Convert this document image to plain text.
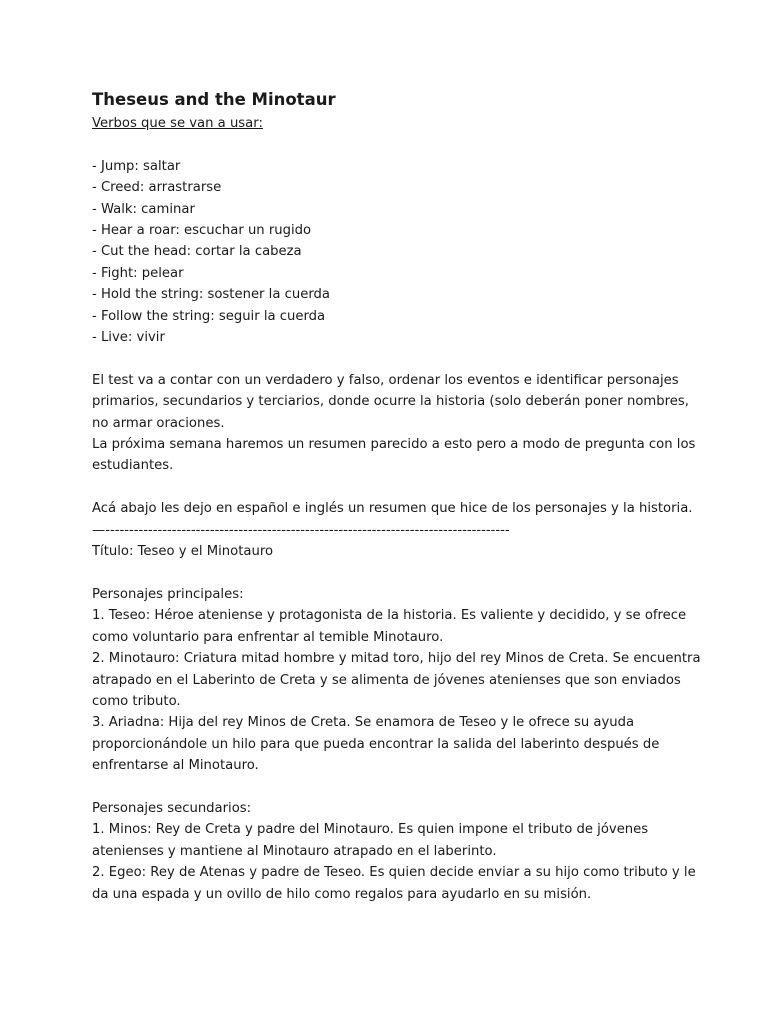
Theseus and the Minotaur
Verbos que se van a usar:
- Jump: saltar
- Creed: arrastrarse
- Walk: caminar
- Hear a roar: escuchar un rugido
- Cut the head: cortar la cabeza
- Fight: pelear
- Hold the string: sostener la cuerda
- Follow the string: seguir la cuerda
- Live: vivir

El test va a contar con un verdadero y falso, ordenar los eventos e identificar personajes primarios, secundarios y terciarios, donde ocurre la historia (solo deberán poner nombres, no armar oraciones.

La próxima semana haremos un resumen parecido a esto pero a modo de pregunta con los estudiantes.

Acá abajo les dejo en español e inglés un resumen que hice de los personajes y la historia.

—-------------------------------------------------------------------------------------
Título: Teseo y el Minotauro
Personajes principales:

1. Teseo: Héroe ateniense y protagonista de la historia. Es valiente y decidido, y se ofrece como voluntario para enfrentar al temible Minotauro.

2. Minotauro: Criatura mitad hombre y mitad toro, hijo del rey Minos de Creta. Se encuentra atrapado en el Laberinto de Creta y se alimenta de jóvenes atenienses que son enviados como tributo.

3. Ariadna: Hija del rey Minos de Creta. Se enamora de Teseo y le ofrece su ayuda proporcionándole un hilo para que pueda encontrar la salida del laberinto después de enfrentarse al Minotauro.

Personajes secundarios:

1. Minos: Rey de Creta y padre del Minotauro. Es quien impone el tributo de jóvenes atenienses y mantiene al Minotauro atrapado en el laberinto.

2. Egeo: Rey de Atenas y padre de Teseo. Es quien decide enviar a su hijo como tributo y le da una espada y un ovillo de hilo como regalos para ayudarlo en su misión.
